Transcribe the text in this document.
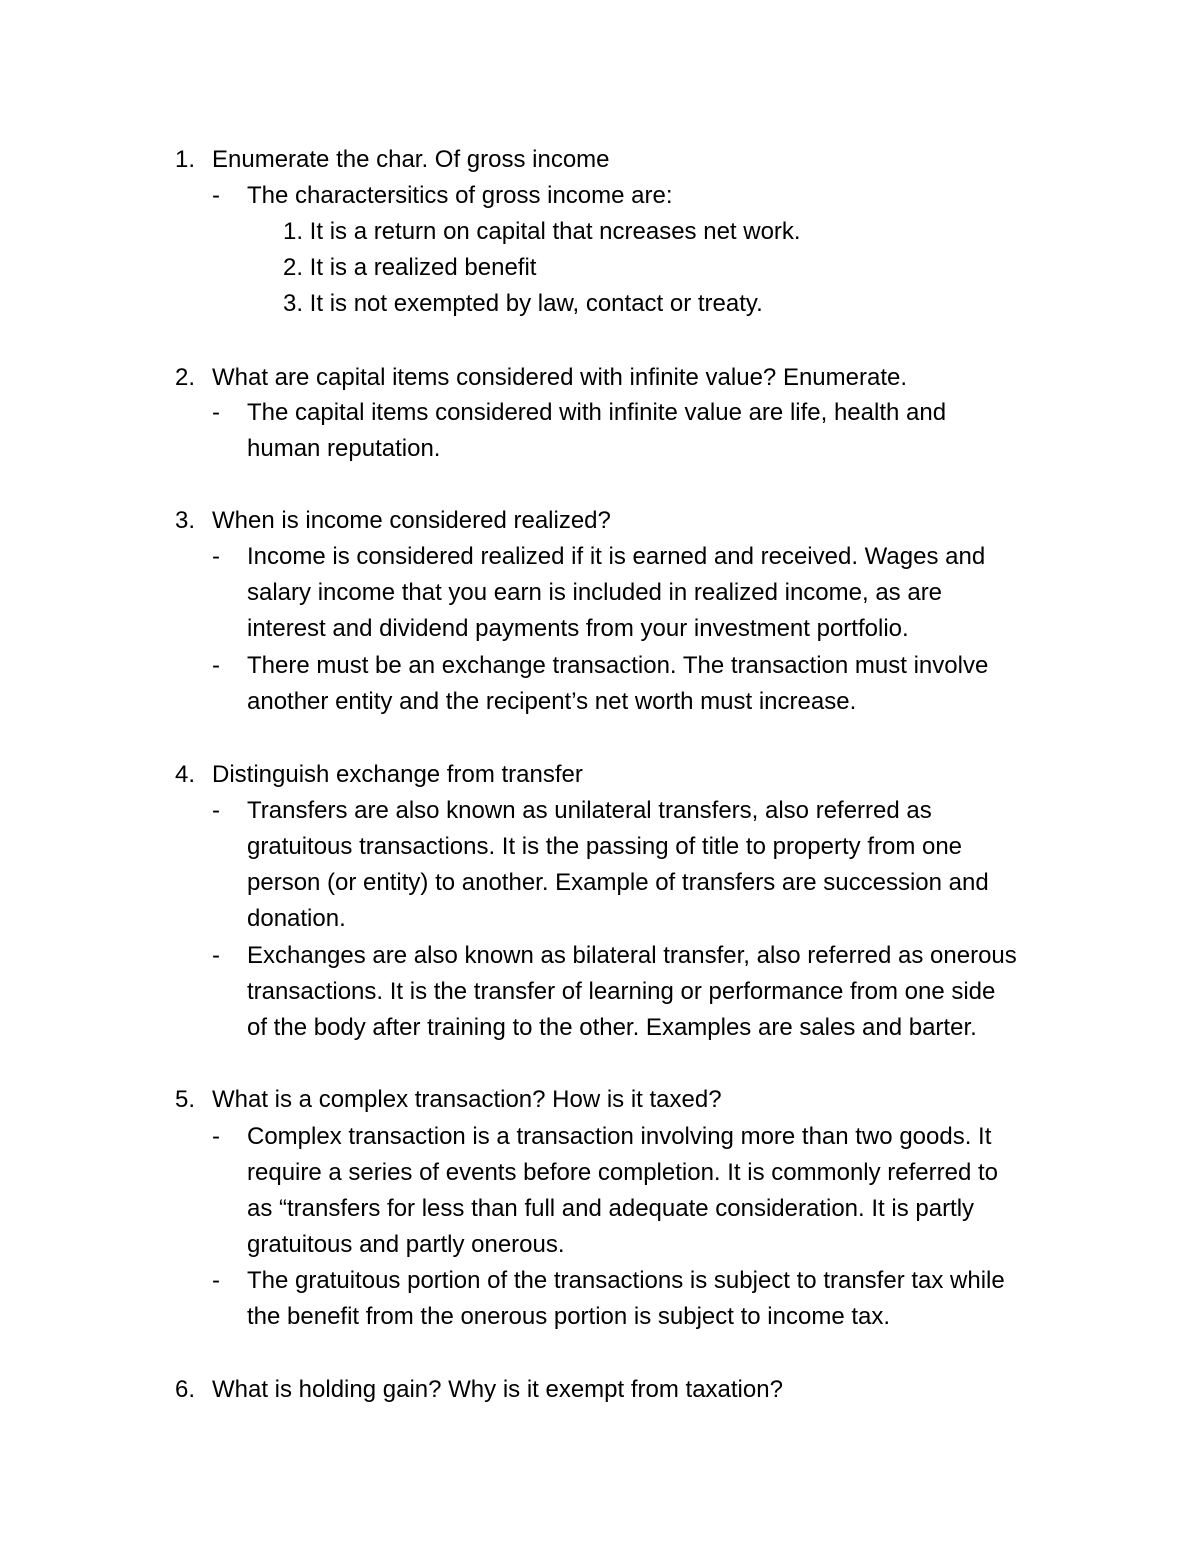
1. Enumerate the char. Of gross income
- The charactersitics of gross income are:
1. It is a return on capital that ncreases net work.
2. It is a realized benefit
3. It is not exempted by law, contact or treaty.
2. What are capital items considered with infinite value? Enumerate.
- The capital items considered with infinite value are life, health and
human reputation.
3. When is income considered realized?
- Income is considered realized if it is earned and received. Wages and
salary income that you earn is included in realized income, as are
interest and dividend payments from your investment portfolio.
- There must be an exchange transaction. The transaction must involve
another entity and the recipent’s net worth must increase.
4. Distinguish exchange from transfer
- Transfers are also known as unilateral transfers, also referred as
gratuitous transactions. It is the passing of title to property from one
person (or entity) to another. Example of transfers are succession and
donation.
- Exchanges are also known as bilateral transfer, also referred as onerous
transactions. It is the transfer of learning or performance from one side
of the body after training to the other. Examples are sales and barter.
5. What is a complex transaction? How is it taxed?
- Complex transaction is a transaction involving more than two goods. It
require a series of events before completion. It is commonly referred to
as “transfers for less than full and adequate consideration. It is partly
gratuitous and partly onerous.
- The gratuitous portion of the transactions is subject to transfer tax while
the benefit from the onerous portion is subject to income tax.
6. What is holding gain? Why is it exempt from taxation?
